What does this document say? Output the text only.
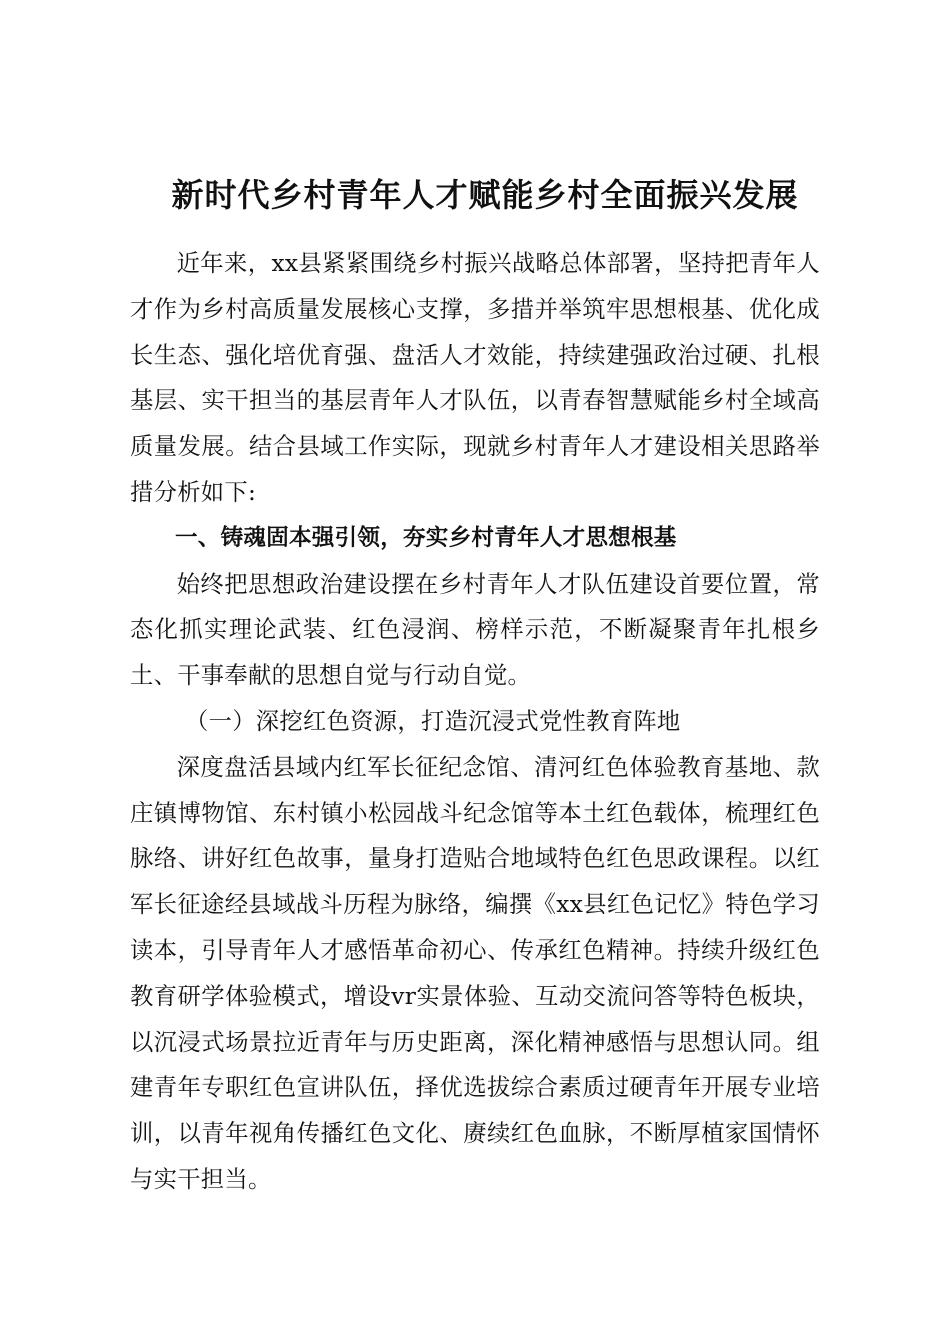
新时代乡村青年人才赋能乡村全面振兴发展

近年来，xx县紧紧围绕乡村振兴战略总体部署，坚持把青年人才作为乡村高质量发展核心支撑，多措并举筑牢思想根基、优化成长生态、强化培优育强、盘活人才效能，持续建强政治过硬、扎根基层、实干担当的基层青年人才队伍，以青春智慧赋能乡村全域高质量发展。结合县域工作实际，现就乡村青年人才建设相关思路举措分析如下:

一、铸魂固本强引领，夯实乡村青年人才思想根基

始终把思想政治建设摆在乡村青年人才队伍建设首要位置，常态化抓实理论武装、红色浸润、榜样示范，不断凝聚青年扎根乡土、干事奉献的思想自觉与行动自觉。

（一）深挖红色资源，打造沉浸式党性教育阵地

深度盘活县域内红军长征纪念馆、清河红色体验教育基地、款庄镇博物馆、东村镇小松园战斗纪念馆等本土红色载体，梳理红色脉络、讲好红色故事，量身打造贴合地域特色红色思政课程。以红军长征途经县域战斗历程为脉络，编撰《xx县红色记忆》特色学习读本，引导青年人才感悟革命初心、传承红色精神。持续升级红色教育研学体验模式，增设vr实景体验、互动交流问答等特色板块，以沉浸式场景拉近青年与历史距离，深化精神感悟与思想认同。组建青年专职红色宣讲队伍，择优选拔综合素质过硬青年开展专业培训，以青年视角传播红色文化、赓续红色血脉，不断厚植家国情怀与实干担当。
